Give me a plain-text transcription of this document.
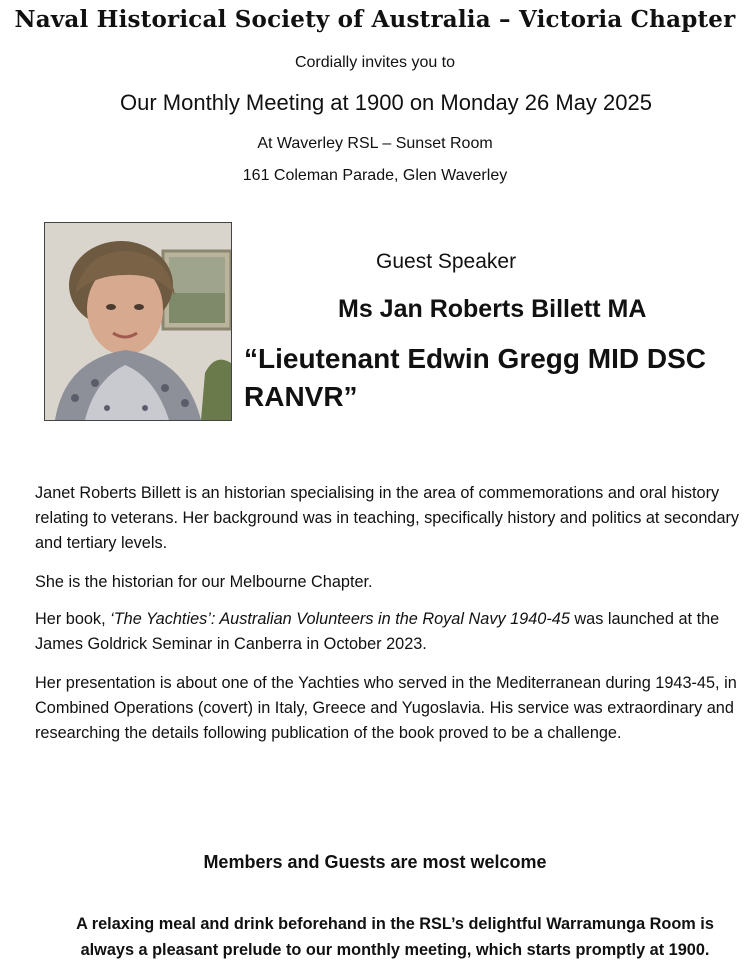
Naval Historical Society of Australia – Victoria Chapter
Cordially invites you to
Our Monthly Meeting at 1900 on Monday 26 May 2025
At Waverley RSL – Sunset Room
161 Coleman Parade, Glen Waverley
Guest Speaker
Ms Jan Roberts Billett MA
“Lieutenant Edwin Gregg MID DSC RANVR”
Janet Roberts Billett is an historian specialising in the area of commemorations and oral history relating to veterans. Her background was in teaching, specifically history and politics at secondary and tertiary levels.
She is the historian for our Melbourne Chapter.
Her book, ‘The Yachties’: Australian Volunteers in the Royal Navy 1940-45 was launched at the James Goldrick Seminar in Canberra in October 2023.
Her presentation is about one of the Yachties who served in the Mediterranean during 1943-45, in Combined Operations (covert) in Italy, Greece and Yugoslavia. His service was extraordinary and researching the details following publication of the book proved to be a challenge.
Members and Guests are most welcome
A relaxing meal and drink beforehand in the RSL’s delightful Warramunga Room is always a pleasant prelude to our monthly meeting, which starts promptly at 1900.
